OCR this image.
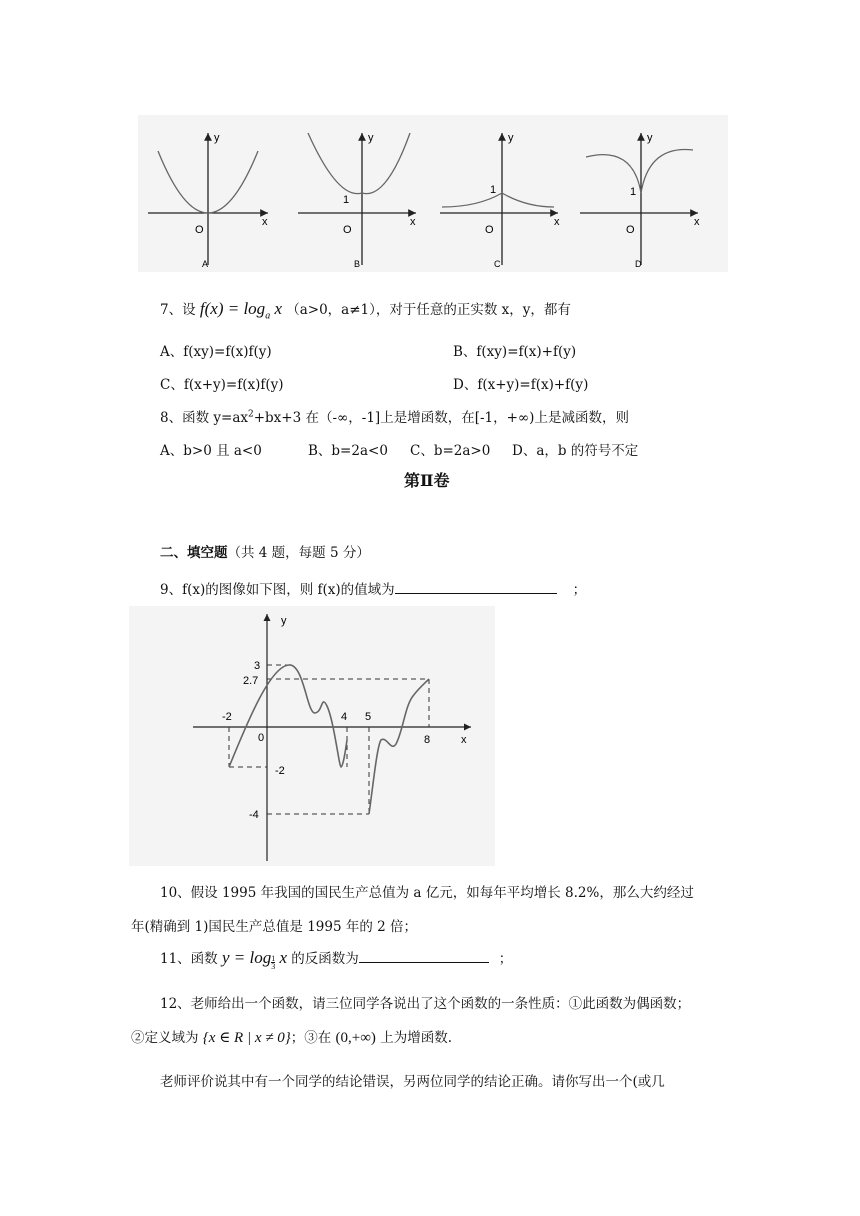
x
y
O
A
x
y
1
O
B
x
y
1
O
C
x
y
1
O
D
7、设 $f(x) = \log_a x$ （a>0，a≠1），对于任意的正实数 x，y，都有
A、f(xy)=f(x)f(y)	B、f(xy)=f(x)+f(y)
C、f(x+y)=f(x)f(y)	D、f(x+y)=f(x)+f(y)
8、函数 $y=ax^2+bx+3$ 在（-∞，-1]上是增函数，在[-1，+∞)上是减函数，则
A、b>0 且 a<0	B、b=2a<0 C、b=2a>0 D、a，b 的符号不定
第Ⅱ卷
二、填空题（共 4 题，每题 5 分）
9、f(x)的图像如下图，则 f(x)的值域为	；
y
x
0
3
2.7
-2
-2
-4
4 5
8
10、假设 1995 年我国的国民生产总值为 a 亿元，如每年平均增长 8.2%，那么大约经过
年(精确到 1)国民生产总值是 1995 年的 2 倍；
11、函数 $y = \log \frac{1}{3}$ x 的反函数为	；
12、老师给出一个函数，请三位同学各说出了这个函数的一条性质：①此函数为偶函数；
②定义域为 {x ∈ R | x ≠ 0}；③在 (0,+∞) 上为增函数.
老师评价说其中有一个同学的结论错误，另两位同学的结论正确。请你写出一个(或几
